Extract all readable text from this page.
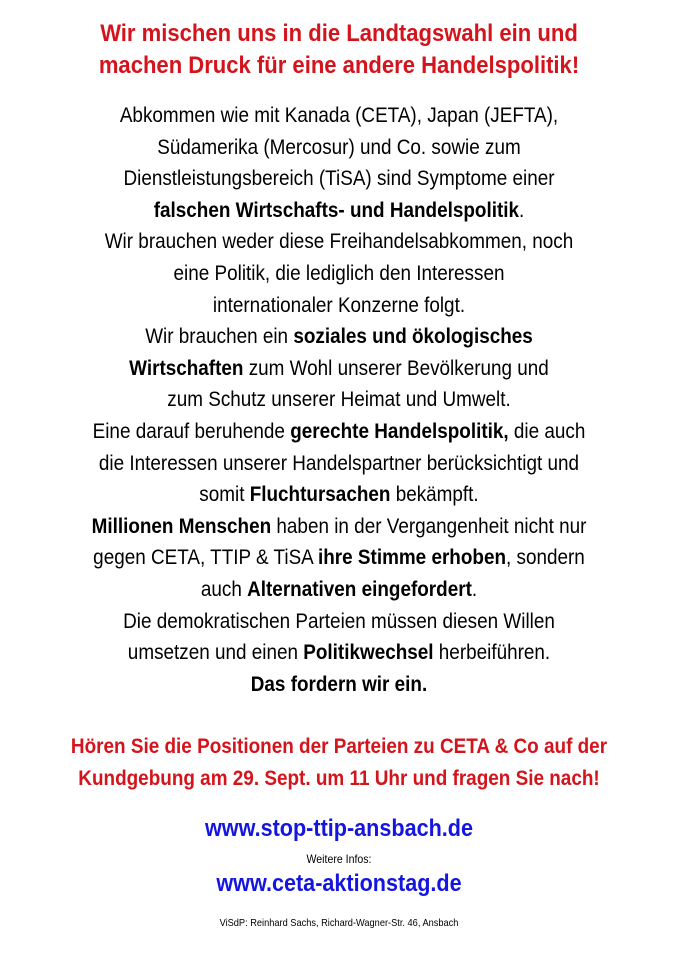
Wir mischen uns in die Landtagswahl ein und
machen Druck für eine andere Handelspolitik!
Abkommen wie mit Kanada (CETA), Japan (JEFTA),
Südamerika (Mercosur) und Co. sowie zum
Dienstleistungsbereich (TiSA) sind Symptome einer
falschen Wirtschafts- und Handelspolitik.
Wir brauchen weder diese Freihandelsabkommen, noch
eine Politik, die lediglich den Interessen
internationaler Konzerne folgt.
Wir brauchen ein soziales und ökologisches
Wirtschaften zum Wohl unserer Bevölkerung und
zum Schutz unserer Heimat und Umwelt.
Eine darauf beruhende gerechte Handelspolitik, die auch
die Interessen unserer Handelspartner berücksichtigt und
somit Fluchtursachen bekämpft.
Millionen Menschen haben in der Vergangenheit nicht nur
gegen CETA, TTIP & TiSA ihre Stimme erhoben, sondern
auch Alternativen eingefordert.
Die demokratischen Parteien müssen diesen Willen
umsetzen und einen Politikwechsel herbeiführen.
Das fordern wir ein.
Hören Sie die Positionen der Parteien zu CETA & Co auf der
Kundgebung am 29. Sept. um 11 Uhr und fragen Sie nach!
www.stop-ttip-ansbach.de
Weitere Infos:
www.ceta-aktionstag.de
ViSdP: Reinhard Sachs, Richard-Wagner-Str. 46, Ansbach
